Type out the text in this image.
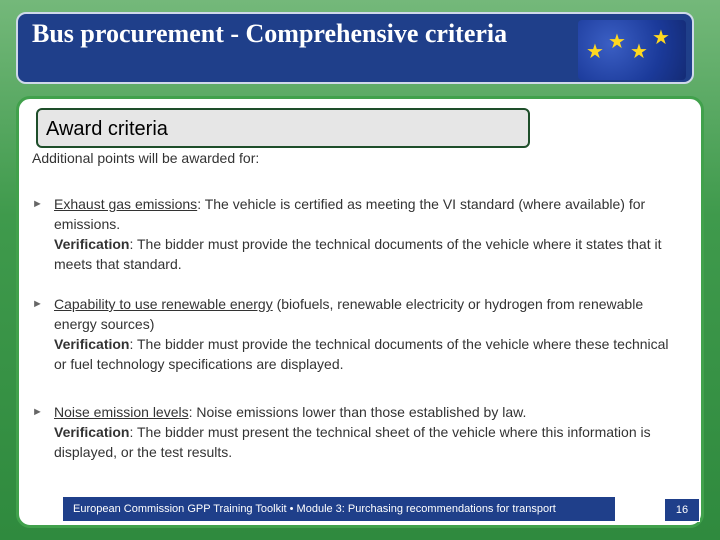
Bus procurement - Comprehensive criteria
★ ★ ★
★
Award criteria
Additional points will be awarded for:
► Exhaust gas emissions: The vehicle is certified as meeting the VI standard (where available) for emissions.
Verification: The bidder must provide the technical documents of the vehicle where it states that it meets that standard.
► Capability to use renewable energy (biofuels, renewable electricity or hydrogen from renewable energy sources)
Verification: The bidder must provide the technical documents of the vehicle where these technical or fuel technology specifications are displayed.
► Noise emission levels: Noise emissions lower than those established by law.
Verification: The bidder must present the technical sheet of the vehicle where this information is displayed, or the test results.
European Commission GPP Training Toolkit • Module 3: Purchasing recommendations for transport	16
